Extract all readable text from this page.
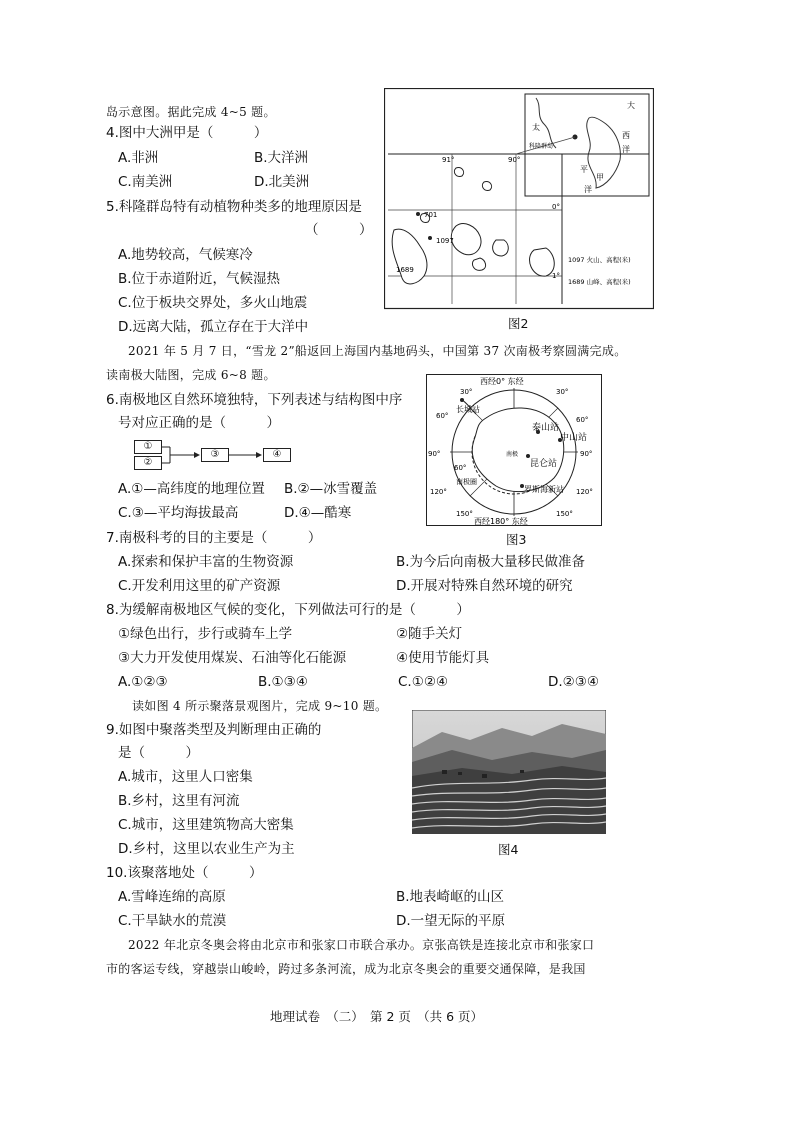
岛示意图。据此完成 4~5 题。
4.图中大洲甲是（　　　）
A.非洲	B.大洋洲
C.南美洲	D.北美洲
5.科隆群岛特有动植物种类多的地理原因是
（　　　）
A.地势较高，气候寒冷
B.位于赤道附近，气候湿热
C.位于板块交界处，多火山地震
D.远离大陆，孤立存在于大洋中
701
1097
1689
91°	90°
0°
1°
大
西
洋
太
平
洋
甲
科隆群岛
1097 火山、高程(米)
1689 山峰、高程(米)
图2
2021 年 5 月 7 日，“雪龙 2”船返回上海国内基地码头，中国第 37 次南极考察圆满完成。
读南极大陆图，完成 6~8 题。
6.南极地区自然环境独特，下列表述与结构图中序
号对应正确的是（　　　）
①
②
③	④
A.①—高纬度的地理位置 B.②—冰雪覆盖
C.③—平均海拔最高	D.④—酷寒
西经0° 东经
西经180° 东经
30°	30°
60°	60°
90°	90°
120°	120°
150°	150°
60°
长城站
泰山站
中山站
昆仑站
罗斯海新站
南极圈
南极
图3
7.南极科考的目的主要是（　　　）
A.探索和保护丰富的生物资源	B.为今后向南极大量移民做准备
C.开发利用这里的矿产资源	D.开展对特殊自然环境的研究
8.为缓解南极地区气候的变化，下列做法可行的是（　　　）
①绿色出行，步行或骑车上学	②随手关灯
③大力开发使用煤炭、石油等化石能源	④使用节能灯具
A.①②③	B.①③④	C.①②④	D.②③④
读如图 4 所示聚落景观图片，完成 9~10 题。
9.如图中聚落类型及判断理由正确的
是（　　　）
A.城市，这里人口密集
B.乡村，这里有河流
C.城市，这里建筑物高大密集
D.乡村，这里以农业生产为主	图4
10.该聚落地处（　　　）
A.雪峰连绵的高原	B.地表崎岖的山区
C.干旱缺水的荒漠	D.一望无际的平原
2022 年北京冬奥会将由北京市和张家口市联合承办。京张高铁是连接北京市和张家口
市的客运专线，穿越崇山峻岭，跨过多条河流，成为北京冬奥会的重要交通保障，是我国
地理试卷　（二）　第 2 页　（共 6 页）
